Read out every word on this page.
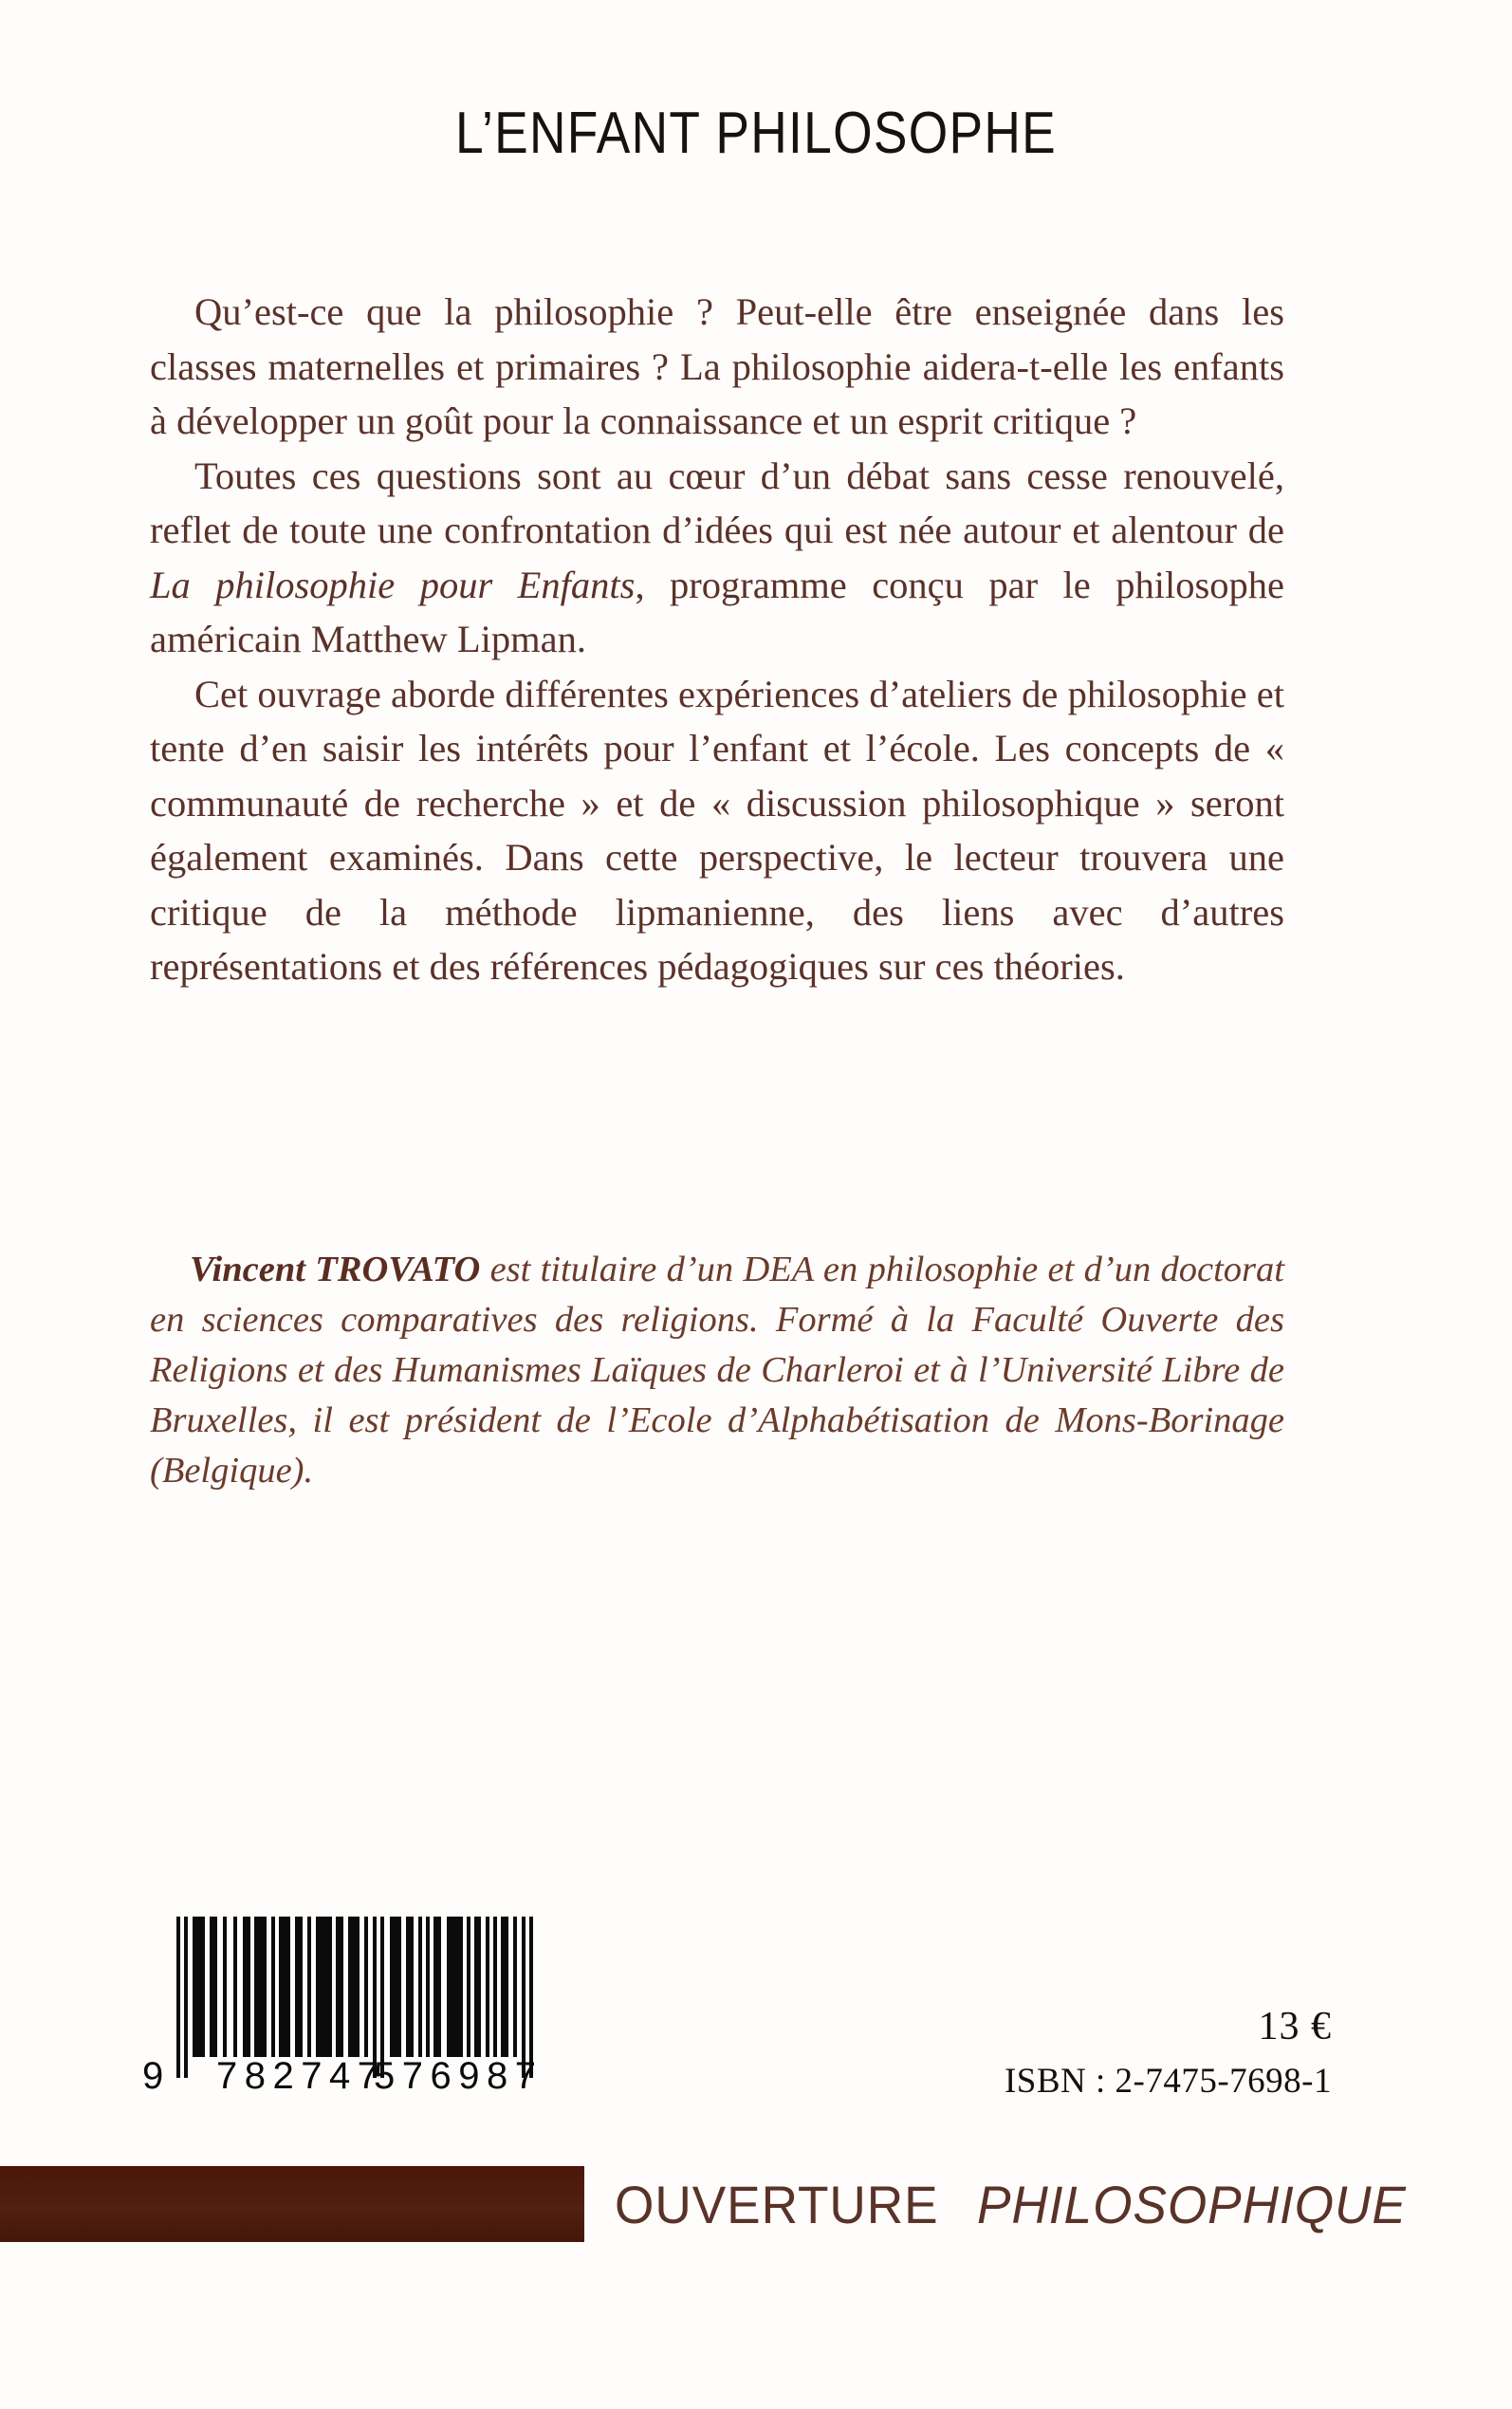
L’ENFANT PHILOSOPHE

Qu’est-ce que la philosophie ? Peut-elle être enseignée dans les classes maternelles et primaires ? La philosophie aidera-t-elle les enfants à développer un goût pour la connaissance et un esprit critique ?

Toutes ces questions sont au cœur d’un débat sans cesse renouvelé, reflet de toute une confrontation d’idées qui est née autour et alentour de La philosophie pour Enfants, programme conçu par le philosophe américain Matthew Lipman.

Cet ouvrage aborde différentes expériences d’ateliers de philosophie et tente d’en saisir les intérêts pour l’enfant et l’école. Les concepts de « communauté de recherche » et de « discussion philosophique » seront également examinés. Dans cette perspective, le lecteur trouvera une critique de la méthode lipmanienne, des liens avec d’autres représentations et des références pédagogiques sur ces théories.

Vincent TROVATO est titulaire d’un DEA en philosophie et d’un doctorat en sciences comparatives des religions. Formé à la Faculté Ouverte des Religions et des Humanismes Laïques de Charleroi et à l’Université Libre de Bruxelles, il est président de l’Ecole d’Alphabétisation de Mons-Borinage (Belgique).

9 782747
576987
13 €
ISBN : 2-7475-7698-1
OUVERTURE PHILOSOPHIQUE
